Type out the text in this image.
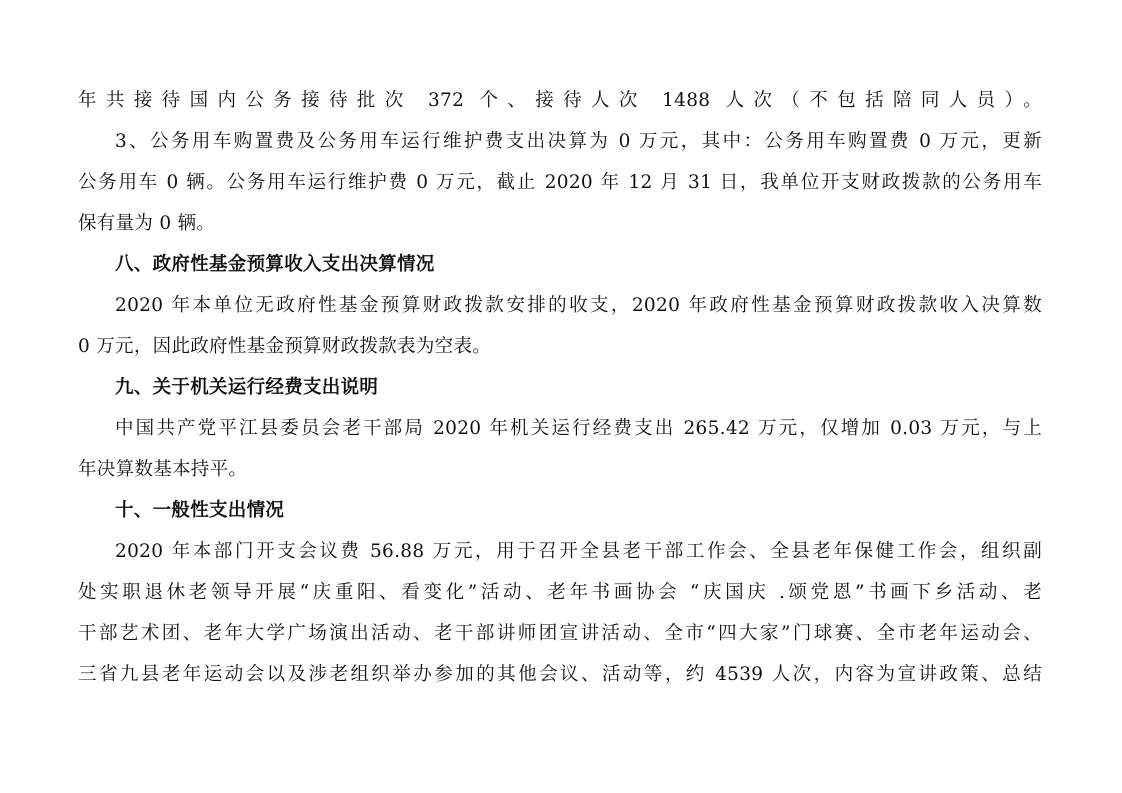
年共接待国内公务接待批次 372 个、接待人次 1488 人次（不包括陪同人员）。
3、公务用车购置费及公务用车运行维护费支出决算为 0 万元，其中：公务用车购置费 0 万元，更新
公务用车 0 辆。公务用车运行维护费 0 万元，截止 2020 年 12 月 31 日，我单位开支财政拨款的公务用车
保有量为 0 辆。
八、政府性基金预算收入支出决算情况
2020 年本单位无政府性基金预算财政拨款安排的收支，2020 年政府性基金预算财政拨款收入决算数
0 万元，因此政府性基金预算财政拨款表为空表。
九、关于机关运行经费支出说明
中国共产党平江县委员会老干部局 2020 年机关运行经费支出 265.42 万元，仅增加 0.03 万元，与上
年决算数基本持平。
十、一般性支出情况
2020 年本部门开支会议费 56.88 万元，用于召开全县老干部工作会、全县老年保健工作会，组织副
处实职退休老领导开展“庆重阳、看变化”活动、老年书画协会 “庆国庆 .颂党恩”书画下乡活动、老
干部艺术团、老年大学广场演出活动、老干部讲师团宣讲活动、全市“四大家”门球赛、全市老年运动会、
三省九县老年运动会以及涉老组织举办参加的其他会议、活动等，约 4539 人次，内容为宣讲政策、总结
